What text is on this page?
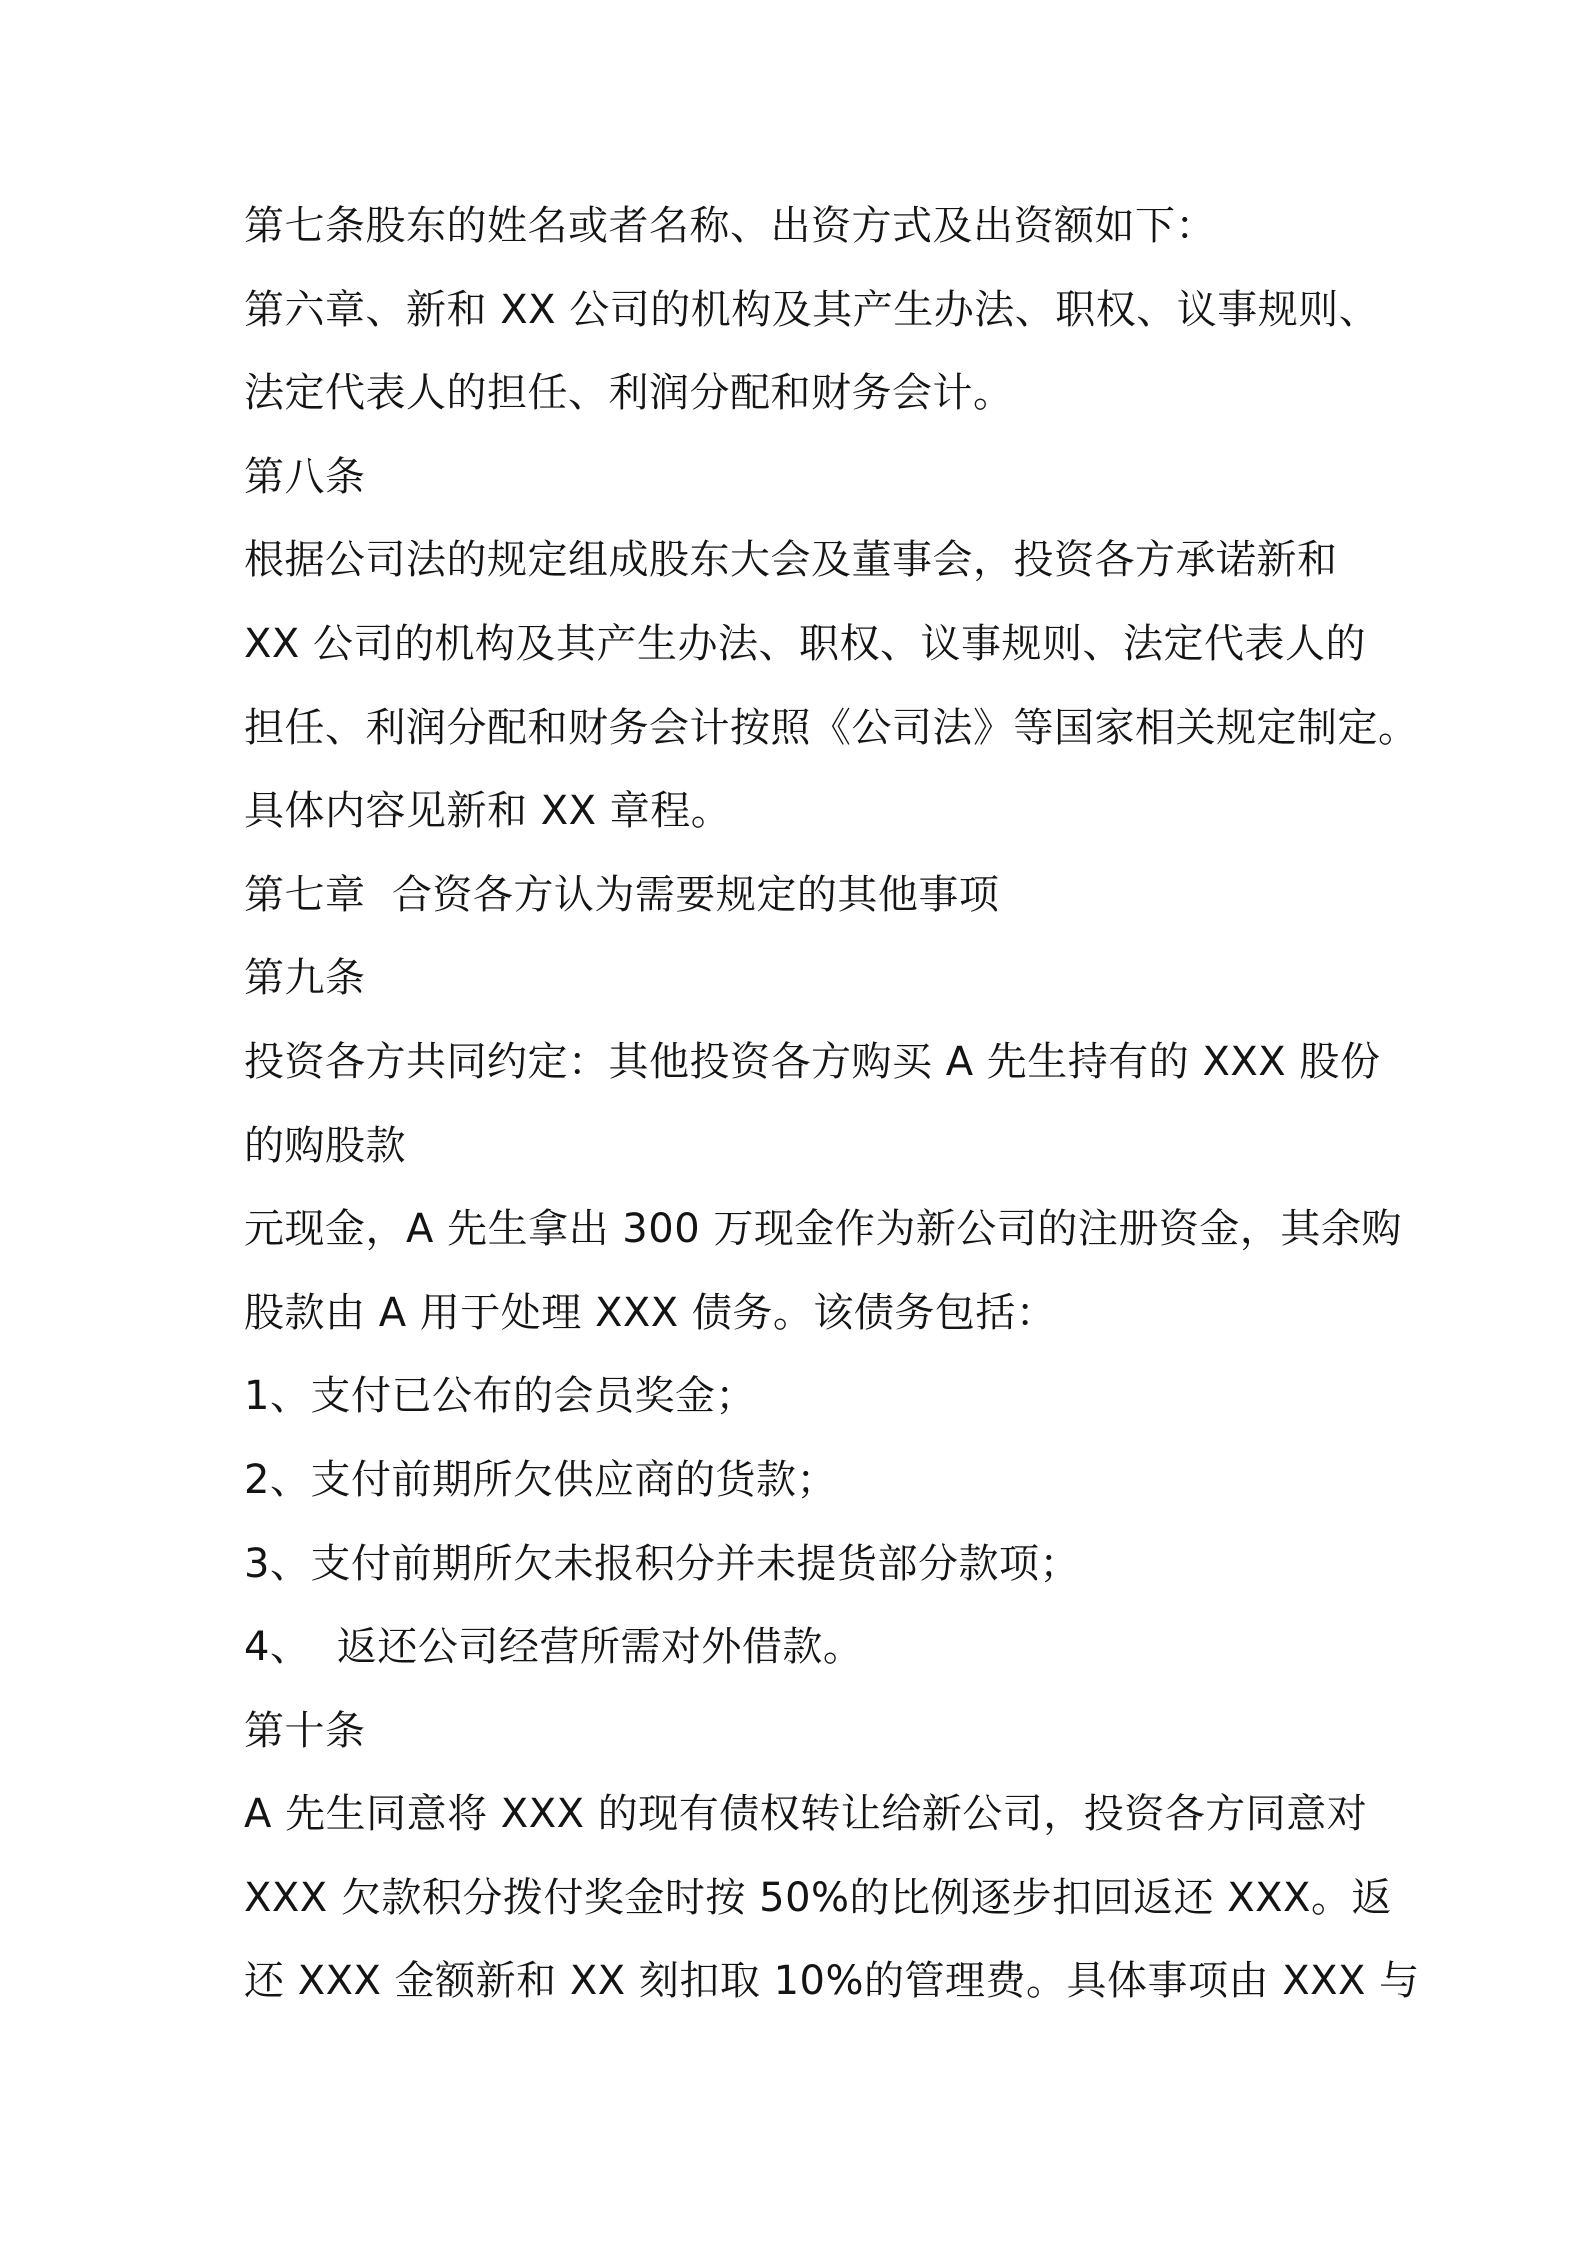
第七条股东的姓名或者名称、出资方式及出资额如下：
第六章、新和 XX 公司的机构及其产生办法、职权、议事规则、
法定代表人的担任、利润分配和财务会计。
第八条
根据公司法的规定组成股东大会及董事会，投资各方承诺新和
XX 公司的机构及其产生办法、职权、议事规则、法定代表人的
担任、利润分配和财务会计按照《公司法》等国家相关规定制定。
具体内容见新和 XX 章程。
第七章  合资各方认为需要规定的其他事项
第九条
投资各方共同约定：其他投资各方购买 A 先生持有的 XXX 股份
的购股款
元现金，A 先生拿出 300 万现金作为新公司的注册资金，其余购
股款由 A 用于处理 XXX 债务。该债务包括：
1、支付已公布的会员奖金；
2、支付前期所欠供应商的货款；
3、支付前期所欠未报积分并未提货部分款项；
4、  返还公司经营所需对外借款。
第十条
A 先生同意将 XXX 的现有债权转让给新公司，投资各方同意对
XXX 欠款积分拨付奖金时按 50%的比例逐步扣回返还 XXX。返
还 XXX 金额新和 XX 刻扣取 10%的管理费。具体事项由 XXX 与
